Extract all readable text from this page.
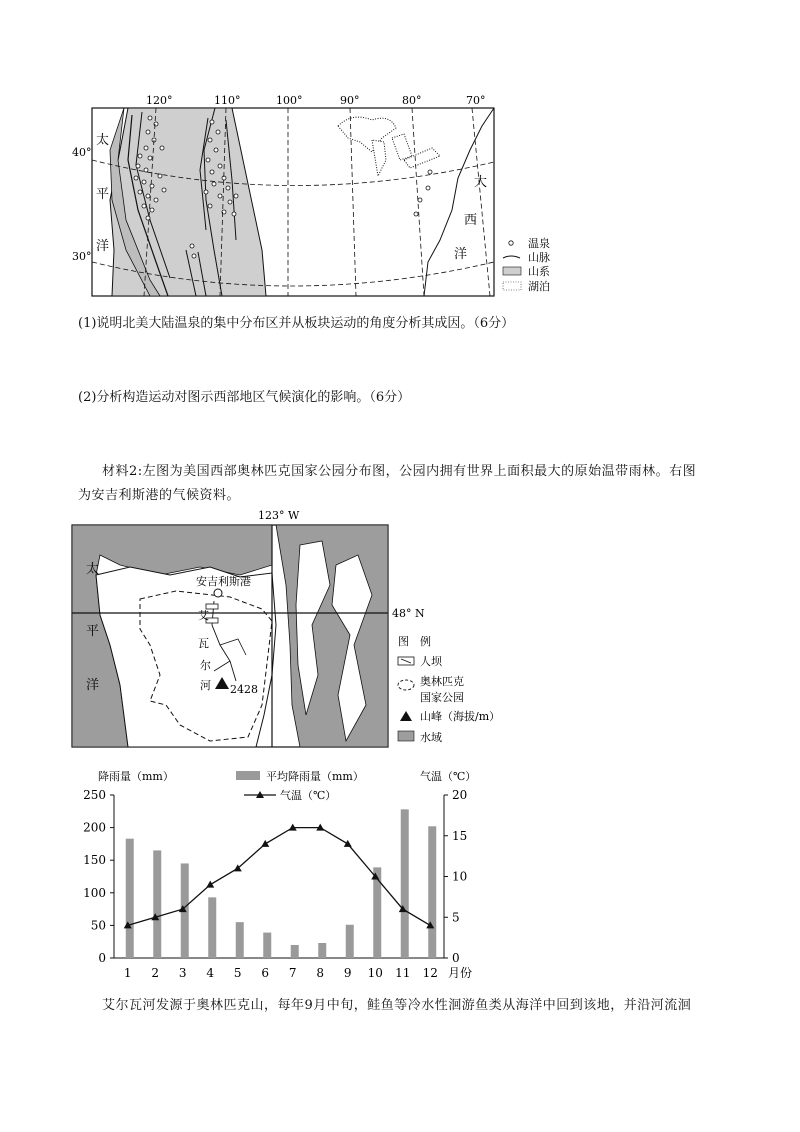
120°	110°	100°	90°	80°	70°
40°
30°
太
平
洋
大
西
洋
温泉
山脉
山系
湖泊
(1)说明北美大陆温泉的集中分布区并从板块运动的角度分析其成因。（6分）
(2)分析构造运动对图示西部地区气候演化的影响。（6分）
材料2:左图为美国西部奥林匹克国家公园分布图，公园内拥有世界上面积最大的原始温带雨林。右图
为安吉利斯港的气候资料。
123° W
48° N
太
平
洋
安吉利斯港
艾
瓦
尔
河 2428
图　例
人坝
奥林匹克
国家公园
山峰（海拔/m）
水域
降雨量（mm）	气温（℃）
平均降雨量（mm）
气温（℃）
0
50
100
150
200
250
0
5
10
15
20
1 2 3 4 5 6 7 8 9 10 11 12 月份
艾尔瓦河发源于奥林匹克山，每年9月中旬，鲑鱼等冷水性洄游鱼类从海洋中回到该地，并沿河流洄
